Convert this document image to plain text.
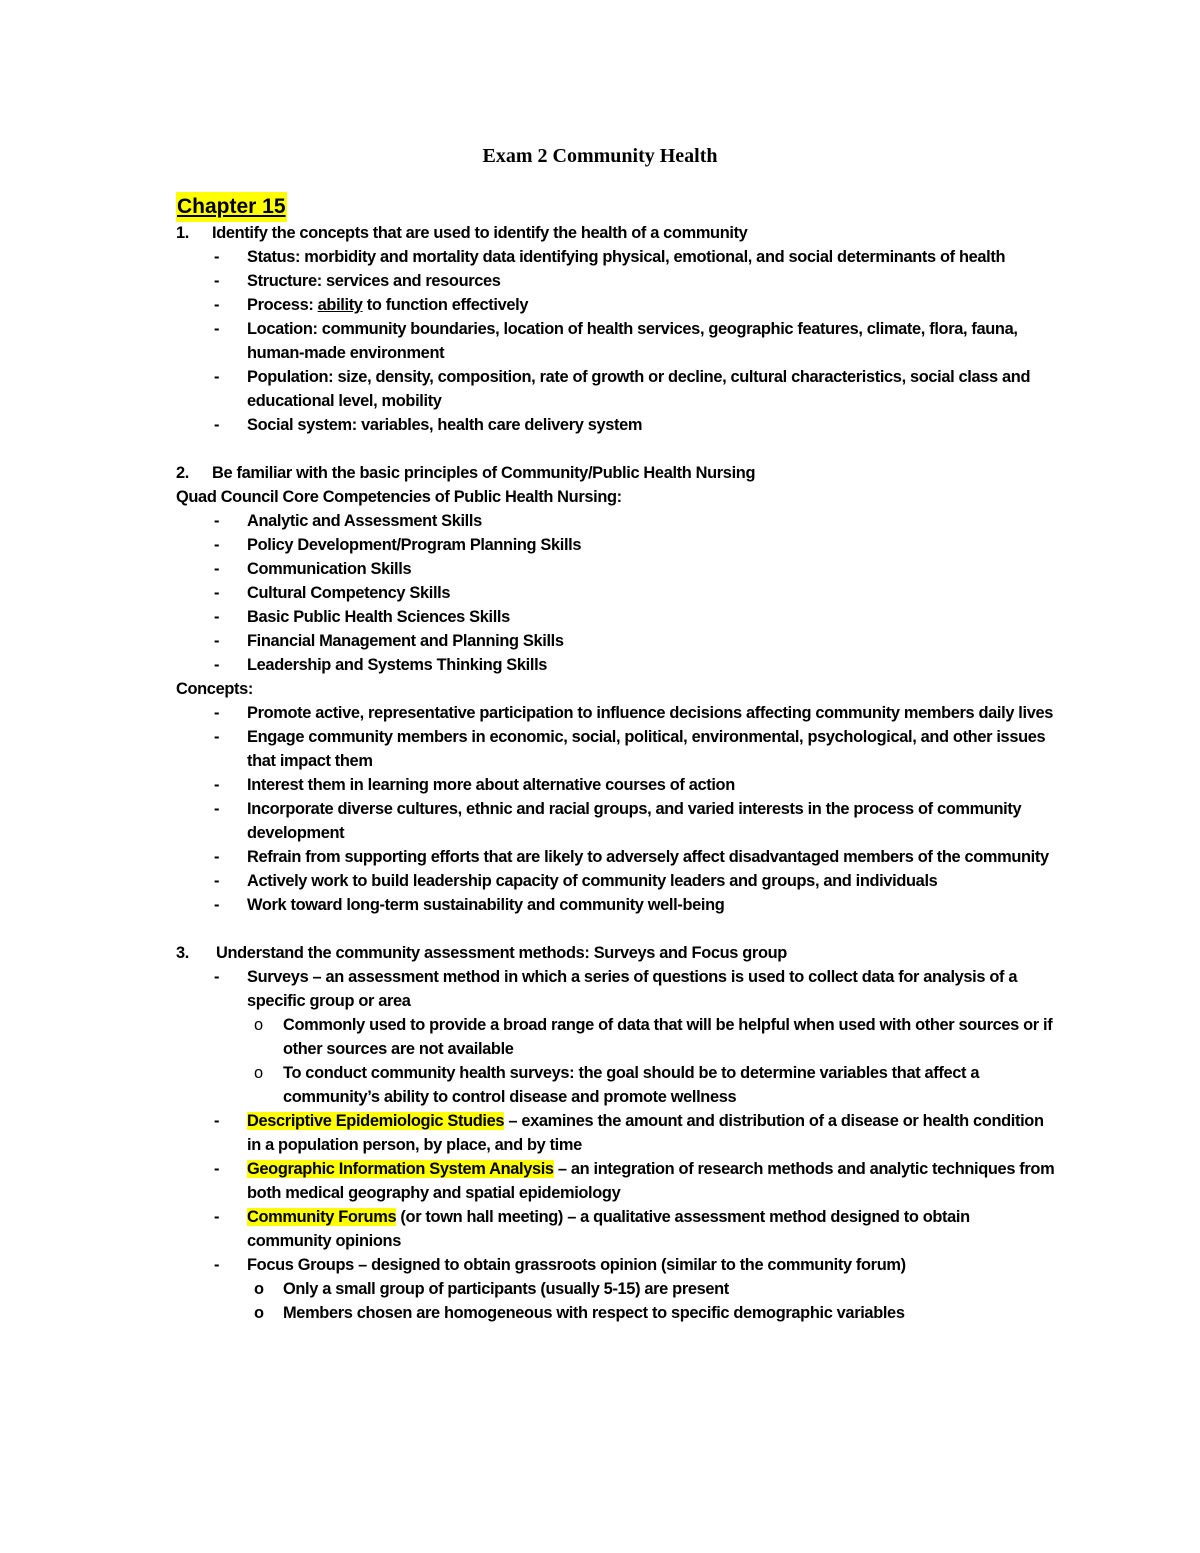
Exam 2 Community Health
Chapter 15
1.	Identify the concepts that are used to identify the health of a community
-	Status: morbidity and mortality data identifying physical, emotional, and social determinants of health
-	Structure: services and resources
-	Process: ability to function effectively
-	Location: community boundaries, location of health services, geographic features, climate, flora, fauna, human-made environment
-	Population: size, density, composition, rate of growth or decline, cultural characteristics, social class and educational level, mobility
-	Social system: variables, health care delivery system
2.	Be familiar with the basic principles of Community/Public Health Nursing
Quad Council Core Competencies of Public Health Nursing:
-	Analytic and Assessment Skills
-	Policy Development/Program Planning Skills
-	Communication Skills
-	Cultural Competency Skills
-	Basic Public Health Sciences Skills
-	Financial Management and Planning Skills
-	Leadership and Systems Thinking Skills
Concepts:
-	Promote active, representative participation to influence decisions affecting community members daily lives
-	Engage community members in economic, social, political, environmental, psychological, and other issues that impact them
-	Interest them in learning more about alternative courses of action
-	Incorporate diverse cultures, ethnic and racial groups, and varied interests in the process of community development
-	Refrain from supporting efforts that are likely to adversely affect disadvantaged members of the community
-	Actively work to build leadership capacity of community leaders and groups, and individuals
-	Work toward long-term sustainability and community well-being
3.	Understand the community assessment methods: Surveys and Focus group
-	Surveys – an assessment method in which a series of questions is used to collect data for analysis of a specific group or area
o	Commonly used to provide a broad range of data that will be helpful when used with other sources or if other sources are not available
o	To conduct community health surveys: the goal should be to determine variables that affect a community’s ability to control disease and promote wellness
-	Descriptive Epidemiologic Studies – examines the amount and distribution of a disease or health condition in a population person, by place, and by time
-	Geographic Information System Analysis – an integration of research methods and analytic techniques from both medical geography and spatial epidemiology
-	Community Forums (or town hall meeting) – a qualitative assessment method designed to obtain community opinions
-	Focus Groups – designed to obtain grassroots opinion (similar to the community forum)
o	Only a small group of participants (usually 5-15) are present
o	Members chosen are homogeneous with respect to specific demographic variables
